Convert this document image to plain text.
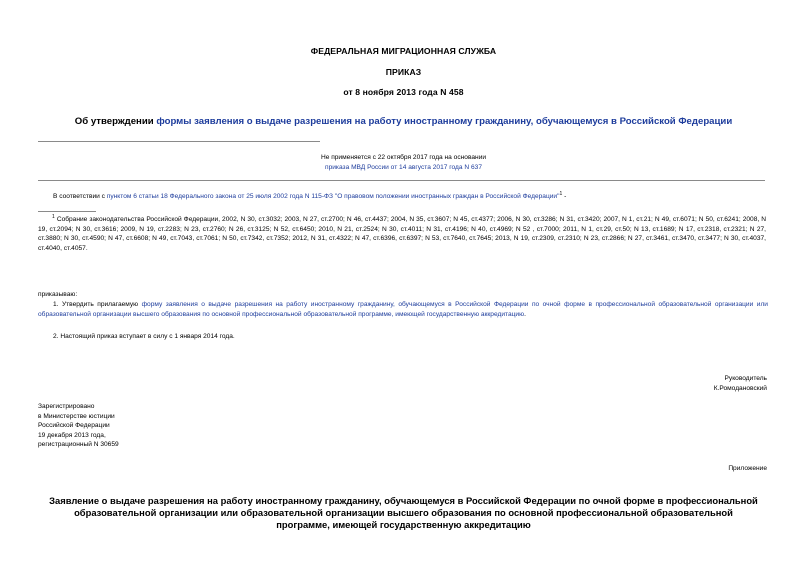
ФЕДЕРАЛЬНАЯ МИГРАЦИОННАЯ СЛУЖБА
ПРИКАЗ
от 8 ноября 2013 года N 458
Об утверждении формы заявления о выдаче разрешения на работу иностранному гражданину, обучающемуся в Российской Федерации
Не применяется с 22 октября 2017 года на основании
приказа МВД России от 14 августа 2017 года N 637
В соответствии с пунктом 6 статьи 18 Федерального закона от 25 июля 2002 года N 115-ФЗ "О правовом положении иностранных граждан в Российской Федерации"$^1$ -
$^1$ Собрание законодательства Российской Федерации, 2002, N 30, ст.3032; 2003, N 27, ст.2700; N 46, ст.4437; 2004, N 35, ст.3607; N 45, ст.4377; 2006, N 30, ст.3286; N 31, ст.3420; 2007, N 1, ст.21; N 49, ст.6071; N 50, ст.6241; 2008, N 19, ст.2094; N 30, ст.3616; 2009, N 19, ст.2283; N 23, ст.2760; N 26, ст.3125; N 52, ст.6450; 2010, N 21, ст.2524; N 30, ст.4011; N 31, ст.4196; N 40, ст.4969; N 52 , ст.7000; 2011, N 1, ст.29, ст.50; N 13, ст.1689; N 17, ст.2318, ст.2321; N 27, ст.3880; N 30, ст.4590; N 47, ст.6608; N 49, ст.7043, ст.7061; N 50, ст.7342, ст.7352; 2012, N 31, ст.4322; N 47, ст.6396, ст.6397; N 53, ст.7640, ст.7645; 2013, N 19, ст.2309, ст.2310; N 23, ст.2866; N 27, ст.3461, ст.3470, ст.3477; N 30, ст.4037, ст.4040, ст.4057.
приказываю:
1. Утвердить прилагаемую форму заявления о выдаче разрешения на работу иностранному гражданину, обучающемуся в Российской Федерации по очной форме в профессиональной образовательной организации или образовательной организации высшего образования по основной профессиональной образовательной программе, имеющей государственную аккредитацию.
2. Настоящий приказ вступает в силу с 1 января 2014 года.
Руководитель
К.Ромодановский
Зарегистрировано
в Министерстве юстиции
Российской Федерации
19 декабря 2013 года,
регистрационный N 30659
Приложение
Заявление о выдаче разрешения на работу иностранному гражданину, обучающемуся в Российской Федерации по очной форме в профессиональной образовательной организации или образовательной организации высшего образования по основной профессиональной образовательной программе, имеющей государственную аккредитацию
